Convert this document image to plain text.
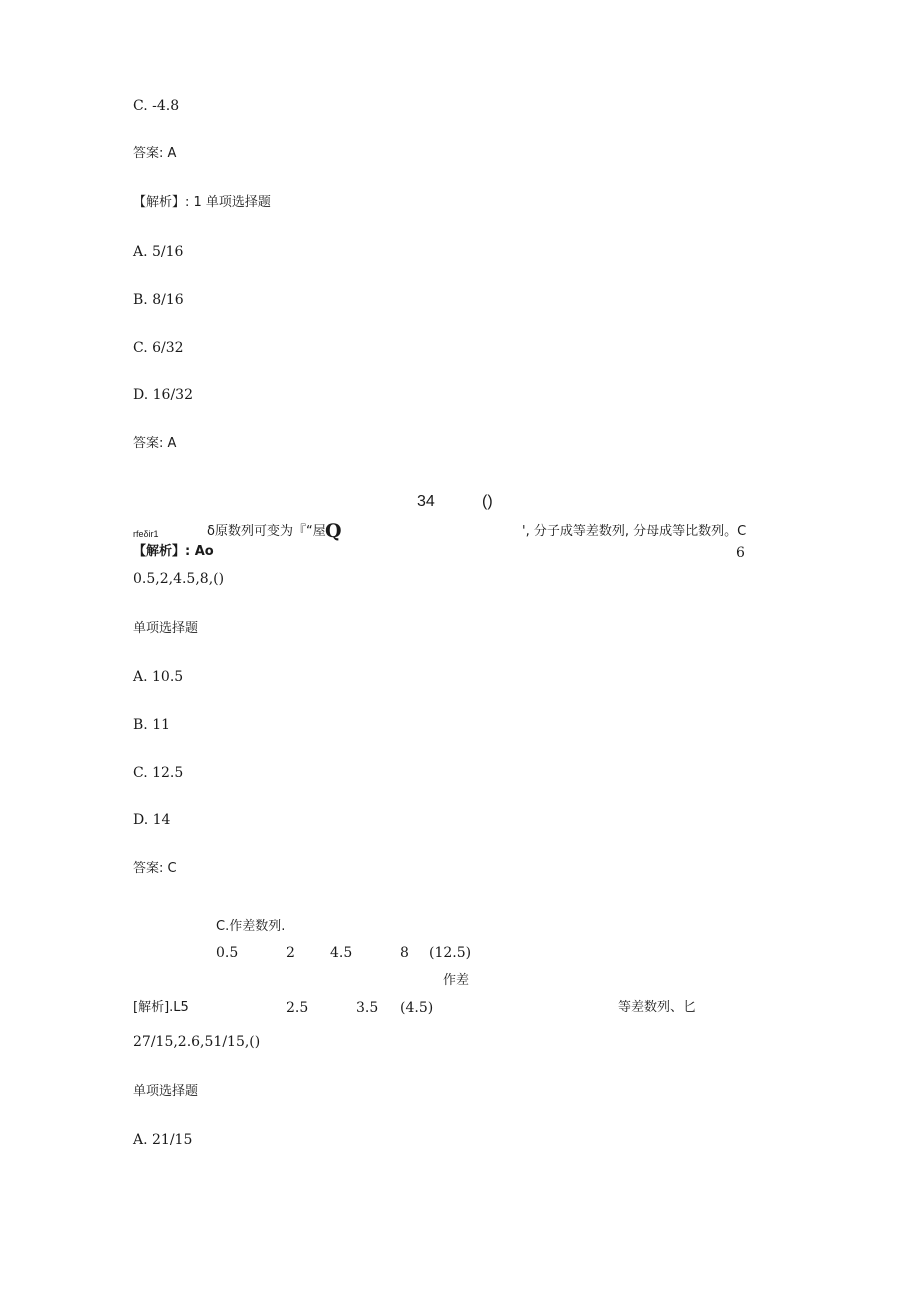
C. -4.8
答案: A
【解析】: 1 单项选择题
A. 5/16
B. 8/16
C. 6/32
D. 16/32
答案: A
34	()
rfeδir1	δ原数列可变为『“屋 Q	', 分子成等差数列, 分母成等比数列。C
【解析】: Ao	6
0.5,2,4.5,8,()
单项选择题
A. 10.5
B. 11
C. 12.5
D. 14
答案: C
C.作差数列.
0.5	2	4.5	8 (12.5)
作差
[解析].L5	2.5	3.5 (4.5)	等差数列、匕
27/15,2.6,51/15,()
单项选择题
A. 21/15
